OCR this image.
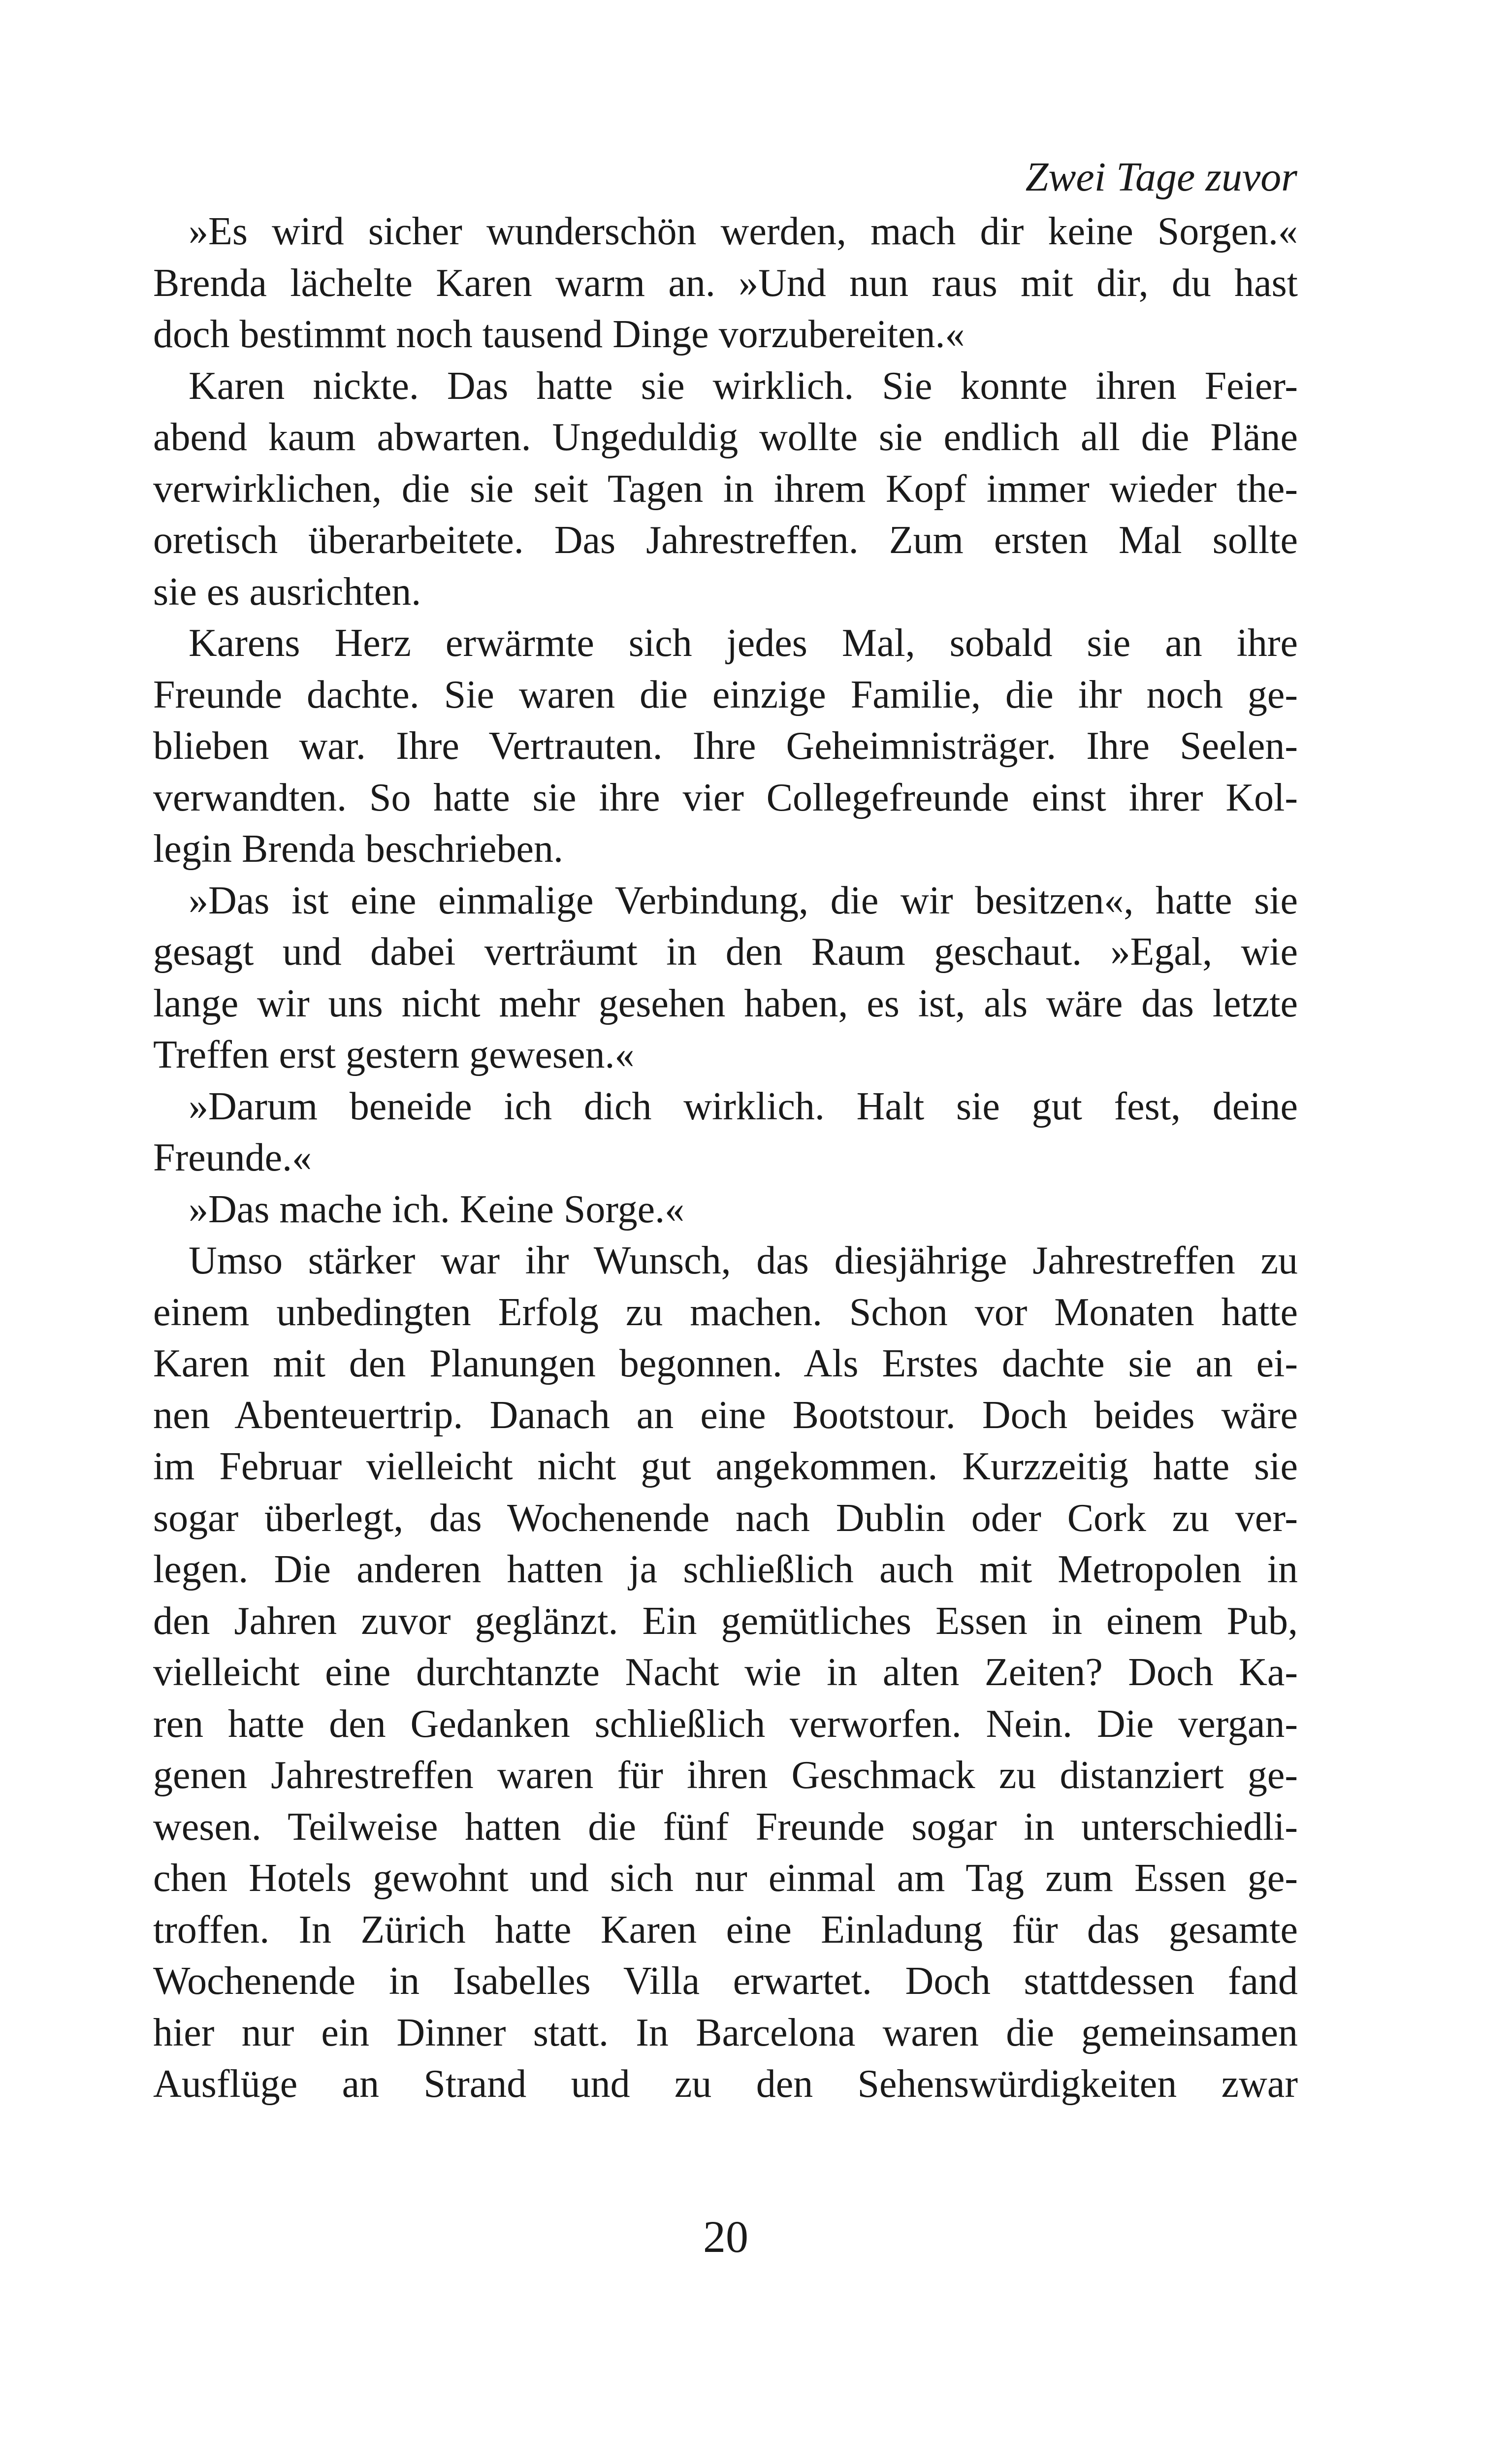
Zwei Tage zuvor
»Es wird sicher wunderschön werden, mach dir keine Sorgen.«
Brenda lächelte Karen warm an. »Und nun raus mit dir, du hast
doch bestimmt noch tausend Dinge vorzubereiten.«
Karen nickte. Das hatte sie wirklich. Sie konnte ihren Feier-
abend kaum abwarten. Ungeduldig wollte sie endlich all die Pläne
verwirklichen, die sie seit Tagen in ihrem Kopf immer wieder the-
oretisch überarbeitete. Das Jahrestreffen. Zum ersten Mal sollte
sie es ausrichten.
Karens Herz erwärmte sich jedes Mal, sobald sie an ihre
Freunde dachte. Sie waren die einzige Familie, die ihr noch ge-
blieben war. Ihre Vertrauten. Ihre Geheimnisträger. Ihre Seelen-
verwandten. So hatte sie ihre vier Collegefreunde einst ihrer Kol-
legin Brenda beschrieben.
»Das ist eine einmalige Verbindung, die wir besitzen«, hatte sie
gesagt und dabei verträumt in den Raum geschaut. »Egal, wie
lange wir uns nicht mehr gesehen haben, es ist, als wäre das letzte
Treffen erst gestern gewesen.«
»Darum beneide ich dich wirklich. Halt sie gut fest, deine
Freunde.«
»Das mache ich. Keine Sorge.«
Umso stärker war ihr Wunsch, das diesjährige Jahrestreffen zu
einem unbedingten Erfolg zu machen. Schon vor Monaten hatte
Karen mit den Planungen begonnen. Als Erstes dachte sie an ei-
nen Abenteuertrip. Danach an eine Bootstour. Doch beides wäre
im Februar vielleicht nicht gut angekommen. Kurzzeitig hatte sie
sogar überlegt, das Wochenende nach Dublin oder Cork zu ver-
legen. Die anderen hatten ja schließlich auch mit Metropolen in
den Jahren zuvor geglänzt. Ein gemütliches Essen in einem Pub,
vielleicht eine durchtanzte Nacht wie in alten Zeiten? Doch Ka-
ren hatte den Gedanken schließlich verworfen. Nein. Die vergan-
genen Jahrestreffen waren für ihren Geschmack zu distanziert ge-
wesen. Teilweise hatten die fünf Freunde sogar in unterschiedli-
chen Hotels gewohnt und sich nur einmal am Tag zum Essen ge-
troffen. In Zürich hatte Karen eine Einladung für das gesamte
Wochenende in Isabelles Villa erwartet. Doch stattdessen fand
hier nur ein Dinner statt. In Barcelona waren die gemeinsamen
Ausflüge an Strand und zu den Sehenswürdigkeiten zwar
20
